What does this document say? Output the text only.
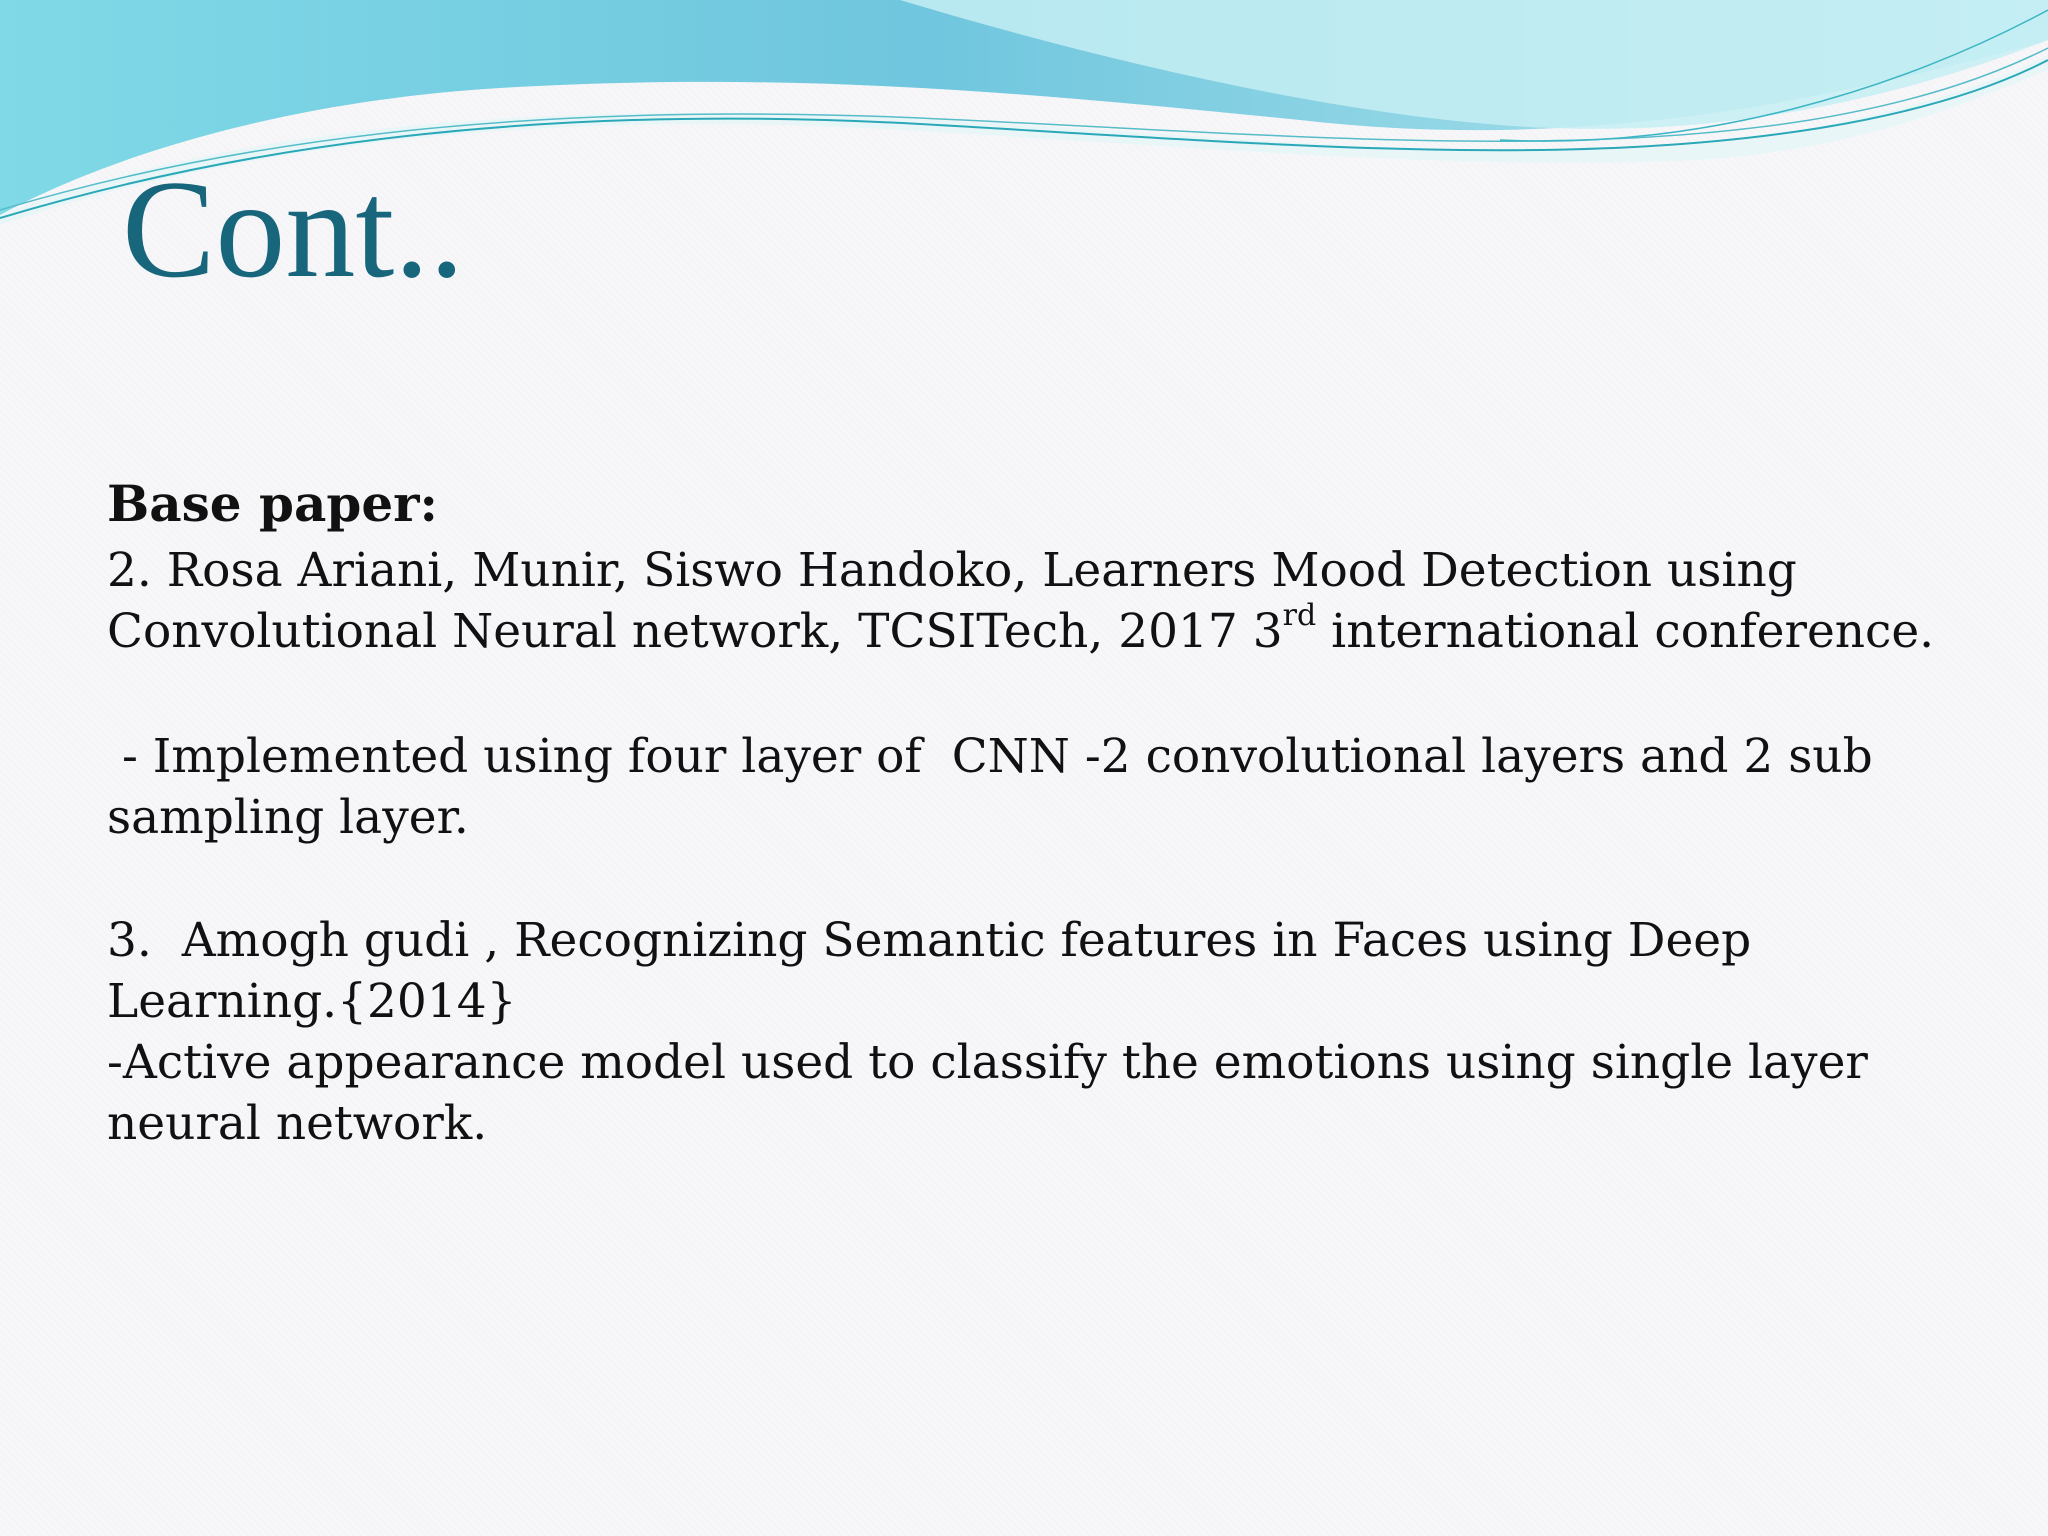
Cont..

Base paper:

2. Rosa Ariani, Munir, Siswo Handoko, Learners Mood Detection using

Convolutional Neural network, TCSITech, 2017 3rd international conference.

- Implemented using four layer of  CNN -2 convolutional layers and 2 sub

sampling layer.

3.  Amogh gudi , Recognizing Semantic features in Faces using Deep

Learning.{2014}

-Active appearance model used to classify the emotions using single layer

neural network.
